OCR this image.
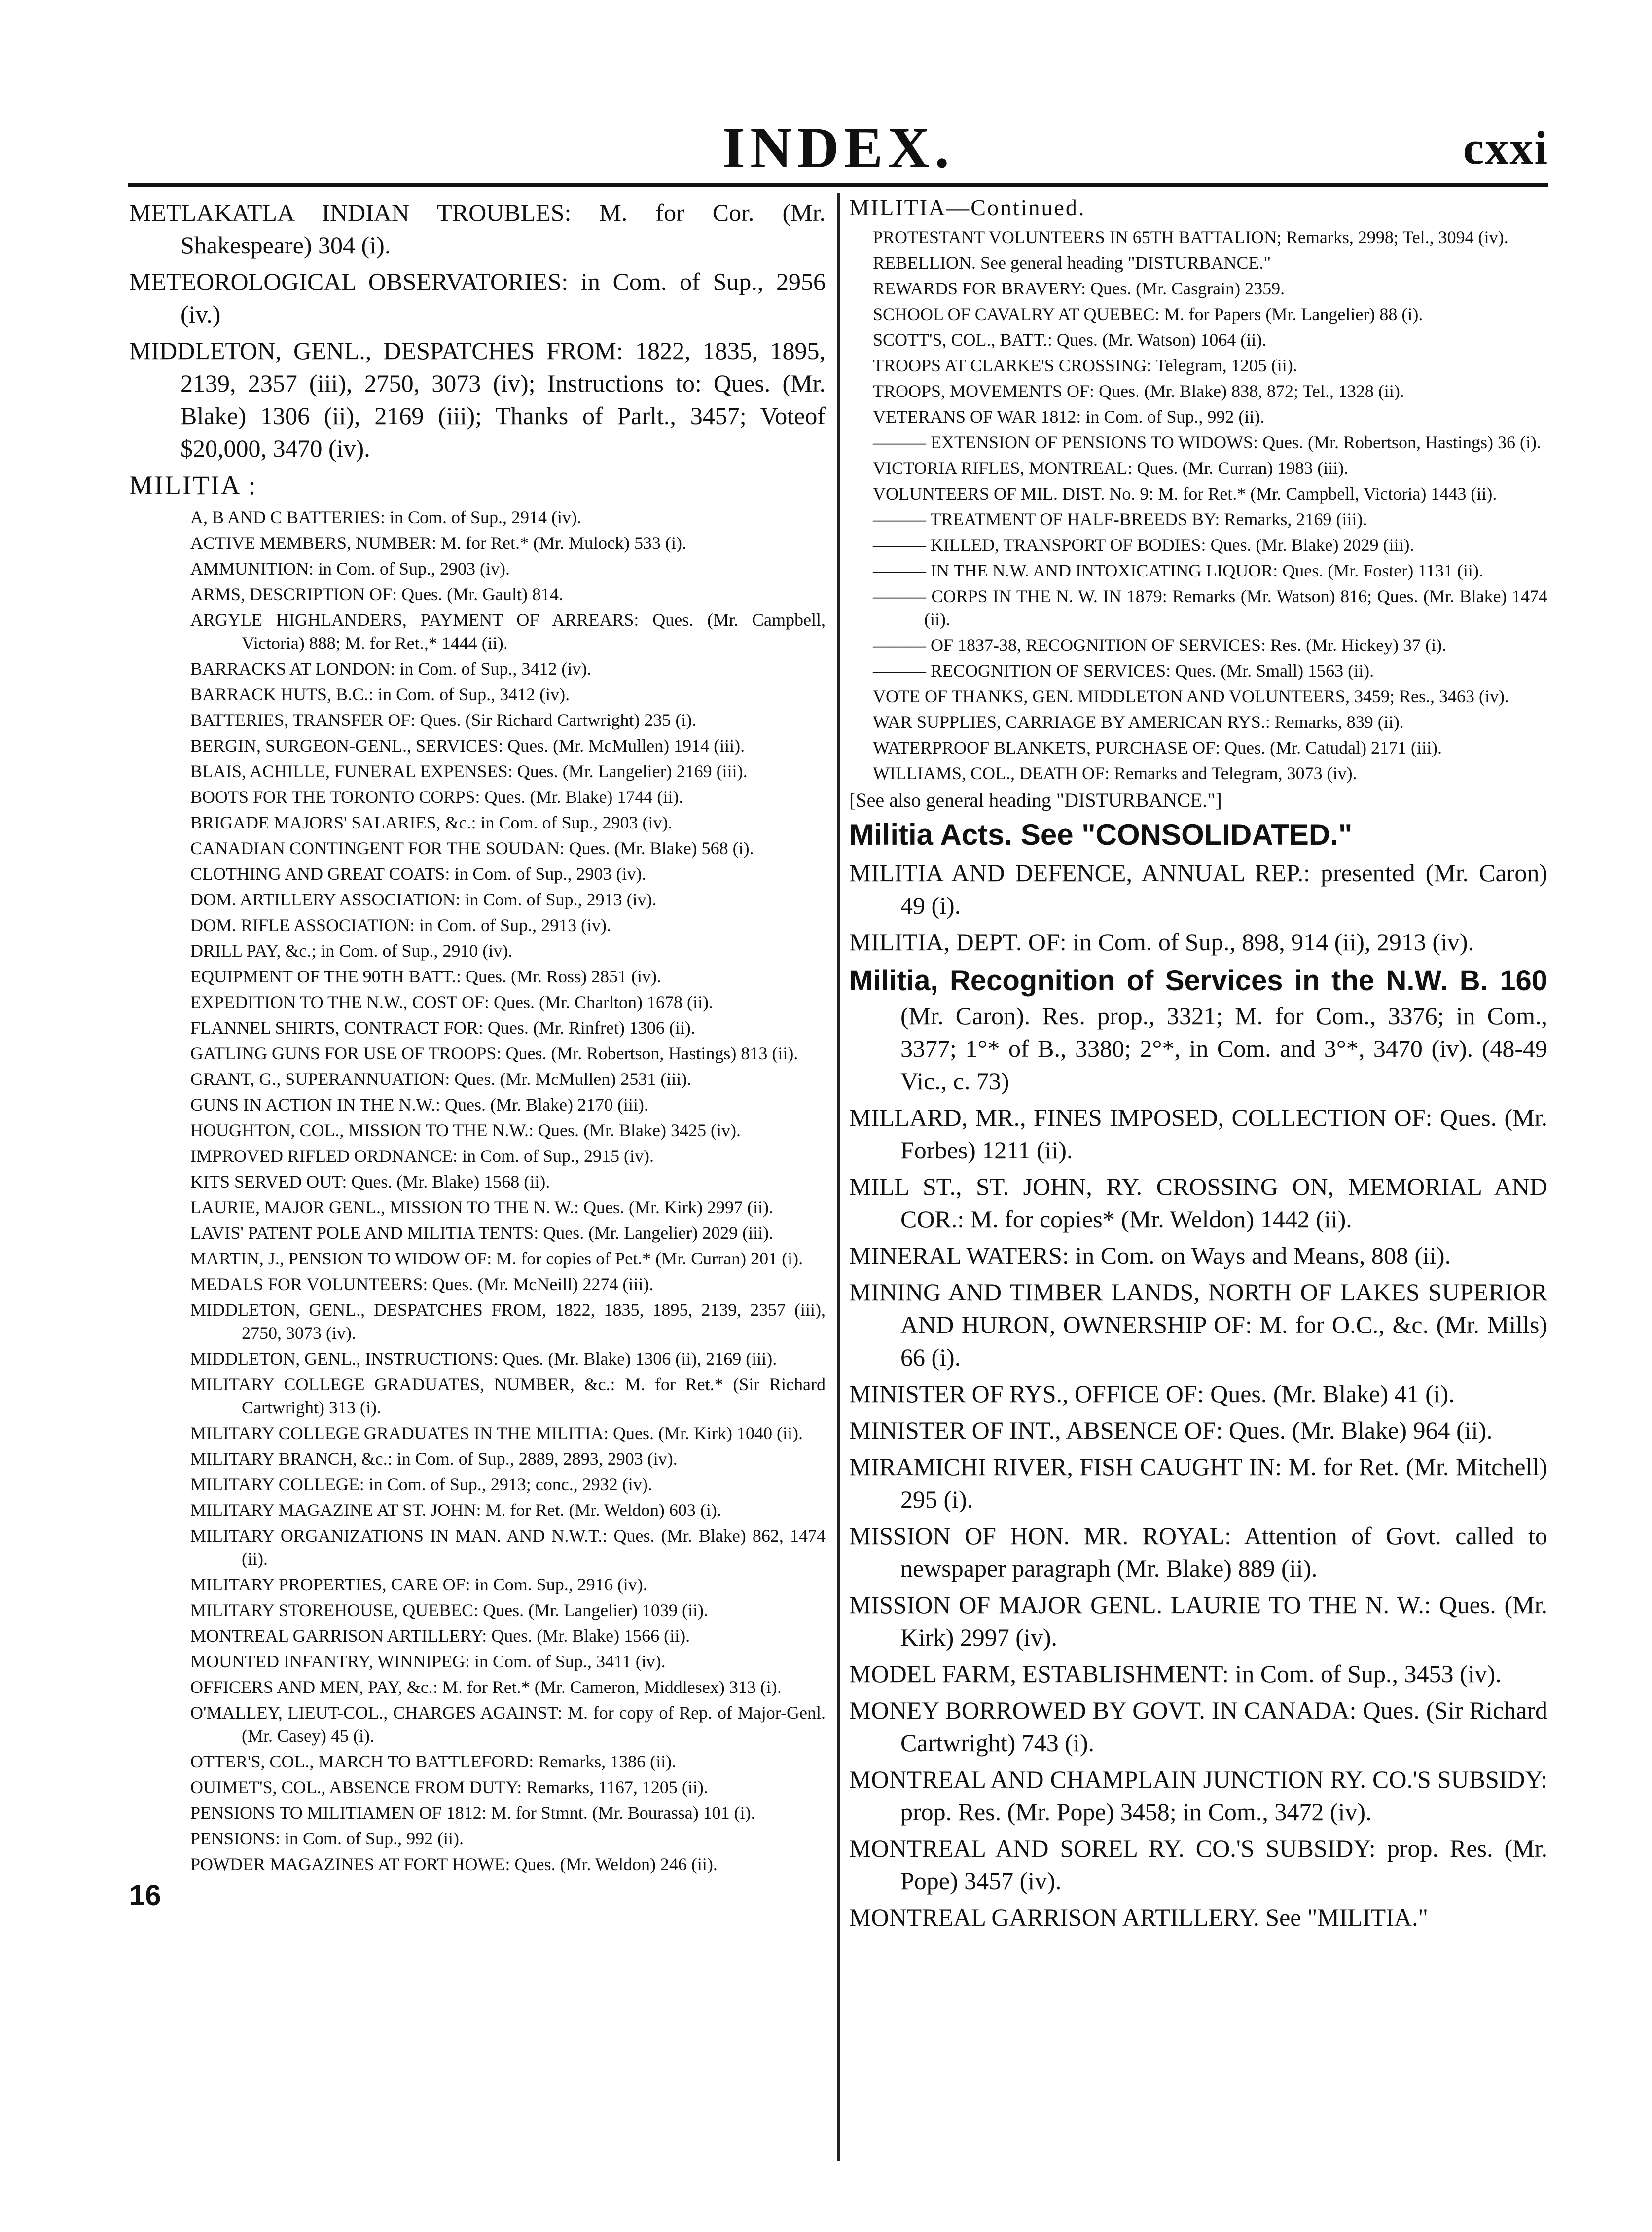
INDEX.	cxxi

METLAKATLA INDIAN TROUBLES: M. for Cor. (Mr. Shakespeare) 304 (i).

METEOROLOGICAL OBSERVATORIES: in Com. of Sup., 2956 (iv.)

MIDDLETON, GENL., DESPATCHES FROM: 1822, 1835, 1895, 2139, 2357 (iii), 2750, 3073 (iv); Instructions to: Ques. (Mr. Blake) 1306 (ii), 2169 (iii); Thanks of Parlt., 3457; Voteof $20,000, 3470 (iv).

MILITIA :

A, B AND C BATTERIES: in Com. of Sup., 2914 (iv).

ACTIVE MEMBERS, NUMBER: M. for Ret.* (Mr. Mulock) 533 (i).

AMMUNITION: in Com. of Sup., 2903 (iv).

ARMS, DESCRIPTION OF: Ques. (Mr. Gault) 814.

ARGYLE HIGHLANDERS, PAYMENT OF ARREARS: Ques. (Mr. Campbell, Victoria) 888; M. for Ret.,* 1444 (ii).

BARRACKS AT LONDON: in Com. of Sup., 3412 (iv).

BARRACK HUTS, B.C.: in Com. of Sup., 3412 (iv).

BATTERIES, TRANSFER OF: Ques. (Sir Richard Cartwright) 235 (i).

BERGIN, SURGEON-GENL., SERVICES: Ques. (Mr. McMullen) 1914 (iii).

BLAIS, ACHILLE, FUNERAL EXPENSES: Ques. (Mr. Langelier) 2169 (iii).

BOOTS FOR THE TORONTO CORPS: Ques. (Mr. Blake) 1744 (ii).

BRIGADE MAJORS' SALARIES, &c.: in Com. of Sup., 2903 (iv).

CANADIAN CONTINGENT FOR THE SOUDAN: Ques. (Mr. Blake) 568 (i).

CLOTHING AND GREAT COATS: in Com. of Sup., 2903 (iv).

DOM. ARTILLERY ASSOCIATION: in Com. of Sup., 2913 (iv).

DOM. RIFLE ASSOCIATION: in Com. of Sup., 2913 (iv).

DRILL PAY, &c.; in Com. of Sup., 2910 (iv).

EQUIPMENT OF THE 90TH BATT.: Ques. (Mr. Ross) 2851 (iv).

EXPEDITION TO THE N.W., COST OF: Ques. (Mr. Charlton) 1678 (ii).

FLANNEL SHIRTS, CONTRACT FOR: Ques. (Mr. Rinfret) 1306 (ii).

GATLING GUNS FOR USE OF TROOPS: Ques. (Mr. Robertson, Hastings) 813 (ii).

GRANT, G., SUPERANNUATION: Ques. (Mr. McMullen) 2531 (iii).

GUNS IN ACTION IN THE N.W.: Ques. (Mr. Blake) 2170 (iii).

HOUGHTON, COL., MISSION TO THE N.W.: Ques. (Mr. Blake) 3425 (iv).

IMPROVED RIFLED ORDNANCE: in Com. of Sup., 2915 (iv).

KITS SERVED OUT: Ques. (Mr. Blake) 1568 (ii).

LAURIE, MAJOR GENL., MISSION TO THE N. W.: Ques. (Mr. Kirk) 2997 (ii).

LAVIS' PATENT POLE AND MILITIA TENTS: Ques. (Mr. Langelier) 2029 (iii).

MARTIN, J., PENSION TO WIDOW OF: M. for copies of Pet.* (Mr. Curran) 201 (i).

MEDALS FOR VOLUNTEERS: Ques. (Mr. McNeill) 2274 (iii).

MIDDLETON, GENL., DESPATCHES FROM, 1822, 1835, 1895, 2139, 2357 (iii), 2750, 3073 (iv).

MIDDLETON, GENL., INSTRUCTIONS: Ques. (Mr. Blake) 1306 (ii), 2169 (iii).

MILITARY COLLEGE GRADUATES, NUMBER, &c.: M. for Ret.* (Sir Richard Cartwright) 313 (i).

MILITARY COLLEGE GRADUATES IN THE MILITIA: Ques. (Mr. Kirk) 1040 (ii).

MILITARY BRANCH, &c.: in Com. of Sup., 2889, 2893, 2903 (iv).

MILITARY COLLEGE: in Com. of Sup., 2913; conc., 2932 (iv).

MILITARY MAGAZINE AT ST. JOHN: M. for Ret. (Mr. Weldon) 603 (i).

MILITARY ORGANIZATIONS IN MAN. AND N.W.T.: Ques. (Mr. Blake) 862, 1474 (ii).

MILITARY PROPERTIES, CARE OF: in Com. Sup., 2916 (iv).

MILITARY STOREHOUSE, QUEBEC: Ques. (Mr. Langelier) 1039 (ii).

MONTREAL GARRISON ARTILLERY: Ques. (Mr. Blake) 1566 (ii).

MOUNTED INFANTRY, WINNIPEG: in Com. of Sup., 3411 (iv).

OFFICERS AND MEN, PAY, &c.: M. for Ret.* (Mr. Cameron, Middlesex) 313 (i).

O'MALLEY, LIEUT-COL., CHARGES AGAINST: M. for copy of Rep. of Major-Genl. (Mr. Casey) 45 (i).

OTTER'S, COL., MARCH TO BATTLEFORD: Remarks, 1386 (ii).

OUIMET'S, COL., ABSENCE FROM DUTY: Remarks, 1167, 1205 (ii).

PENSIONS TO MILITIAMEN OF 1812: M. for Stmnt. (Mr. Bourassa) 101 (i).

PENSIONS: in Com. of Sup., 992 (ii).

POWDER MAGAZINES AT FORT HOWE: Ques. (Mr. Weldon) 246 (ii).

16
MILITIA—Continued.

PROTESTANT VOLUNTEERS IN 65TH BATTALION; Remarks, 2998; Tel., 3094 (iv).

REBELLION. See general heading "DISTURBANCE."

REWARDS FOR BRAVERY: Ques. (Mr. Casgrain) 2359.

SCHOOL OF CAVALRY AT QUEBEC: M. for Papers (Mr. Langelier) 88 (i).

SCOTT'S, COL., BATT.: Ques. (Mr. Watson) 1064 (ii).

TROOPS AT CLARKE'S CROSSING: Telegram, 1205 (ii).

TROOPS, MOVEMENTS OF: Ques. (Mr. Blake) 838, 872; Tel., 1328 (ii).

VETERANS OF WAR 1812: in Com. of Sup., 992 (ii).

——— EXTENSION OF PENSIONS TO WIDOWS: Ques. (Mr. Robertson, Hastings) 36 (i).

VICTORIA RIFLES, MONTREAL: Ques. (Mr. Curran) 1983 (iii).

VOLUNTEERS OF MIL. DIST. No. 9: M. for Ret.* (Mr. Campbell, Victoria) 1443 (ii).

——— TREATMENT OF HALF-BREEDS BY: Remarks, 2169 (iii).

——— KILLED, TRANSPORT OF BODIES: Ques. (Mr. Blake) 2029 (iii).

——— IN THE N.W. AND INTOXICATING LIQUOR: Ques. (Mr. Foster) 1131 (ii).

——— CORPS IN THE N. W. IN 1879: Remarks (Mr. Watson) 816; Ques. (Mr. Blake) 1474 (ii).

——— OF 1837-38, RECOGNITION OF SERVICES: Res. (Mr. Hickey) 37 (i).

——— RECOGNITION OF SERVICES: Ques. (Mr. Small) 1563 (ii).

VOTE OF THANKS, GEN. MIDDLETON AND VOLUNTEERS, 3459; Res., 3463 (iv).

WAR SUPPLIES, CARRIAGE BY AMERICAN RYS.: Remarks, 839 (ii).

WATERPROOF BLANKETS, PURCHASE OF: Ques. (Mr. Catudal) 2171 (iii).

WILLIAMS, COL., DEATH OF: Remarks and Telegram, 3073 (iv).

[See also general heading "DISTURBANCE."]

Militia Acts. See "CONSOLIDATED."

MILITIA AND DEFENCE, ANNUAL REP.: presented (Mr. Caron) 49 (i).

MILITIA, DEPT. OF: in Com. of Sup., 898, 914 (ii), 2913 (iv).

Militia, Recognition of Services in the N.W. B. 160 (Mr. Caron). Res. prop., 3321; M. for Com., 3376; in Com., 3377; 1°* of B., 3380; 2°*, in Com. and 3°*, 3470 (iv). (48-49 Vic., c. 73)

MILLARD, MR., FINES IMPOSED, COLLECTION OF: Ques. (Mr. Forbes) 1211 (ii).

MILL ST., ST. JOHN, RY. CROSSING ON, MEMORIAL AND COR.: M. for copies* (Mr. Weldon) 1442 (ii).

MINERAL WATERS: in Com. on Ways and Means, 808 (ii).

MINING AND TIMBER LANDS, NORTH OF LAKES SUPERIOR AND HURON, OWNERSHIP OF: M. for O.C., &c. (Mr. Mills) 66 (i).

MINISTER OF RYS., OFFICE OF: Ques. (Mr. Blake) 41 (i).

MINISTER OF INT., ABSENCE OF: Ques. (Mr. Blake) 964 (ii).

MIRAMICHI RIVER, FISH CAUGHT IN: M. for Ret. (Mr. Mitchell) 295 (i).

MISSION OF HON. MR. ROYAL: Attention of Govt. called to newspaper paragraph (Mr. Blake) 889 (ii).

MISSION OF MAJOR GENL. LAURIE TO THE N. W.: Ques. (Mr. Kirk) 2997 (iv).

MODEL FARM, ESTABLISHMENT: in Com. of Sup., 3453 (iv).

MONEY BORROWED BY GOVT. IN CANADA: Ques. (Sir Richard Cartwright) 743 (i).

MONTREAL AND CHAMPLAIN JUNCTION RY. CO.'S SUBSIDY: prop. Res. (Mr. Pope) 3458; in Com., 3472 (iv).

MONTREAL AND SOREL RY. CO.'S SUBSIDY: prop. Res. (Mr. Pope) 3457 (iv).

MONTREAL GARRISON ARTILLERY. See "MILITIA."
